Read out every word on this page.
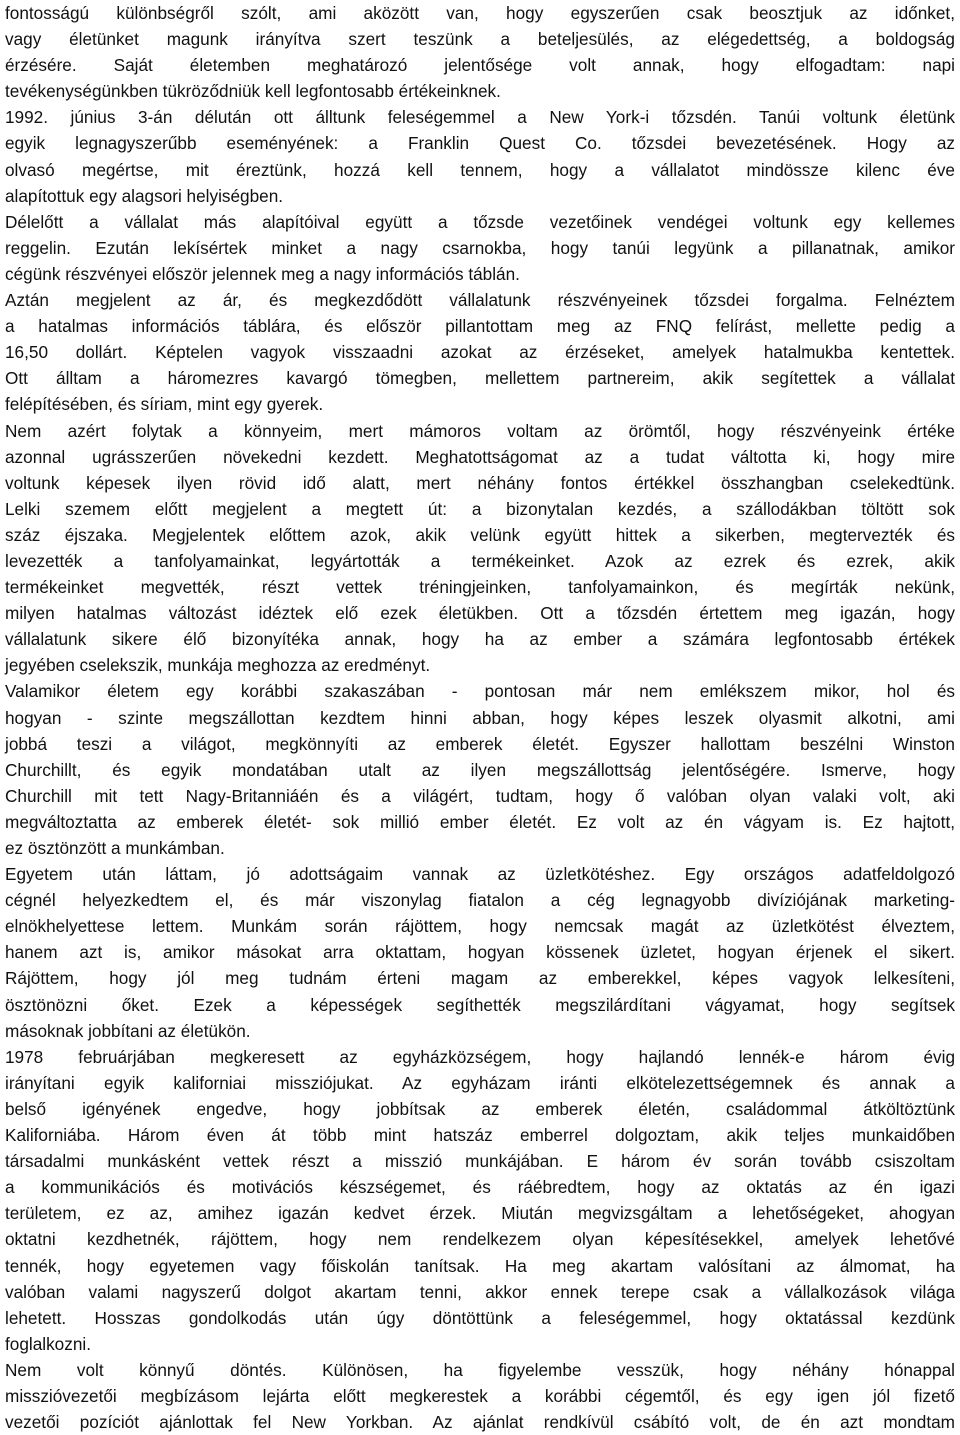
fontosságú különbségről szólt, ami aközött van, hogy egyszerűen csak beosztjuk az időnket,
vagy életünket magunk irányítva szert teszünk a beteljesülés, az elégedettség, a boldogság
érzésére. Saját életemben meghatározó jelentősége volt annak, hogy elfogadtam: napi
tevékenységünkben tükröződniük kell legfontosabb értékeinknek.
1992. június 3-án délután ott álltunk feleségemmel a New York-i tőzsdén. Tanúi voltunk életünk
egyik legnagyszerűbb eseményének: a Franklin Quest Co. tőzsdei bevezetésének. Hogy az
olvasó megértse, mit éreztünk, hozzá kell tennem, hogy a vállalatot mindössze kilenc éve
alapítottuk egy alagsori helyiségben.
Délelőtt a vállalat más alapítóival együtt a tőzsde vezetőinek vendégei voltunk egy kellemes
reggelin. Ezután lekísértek minket a nagy csarnokba, hogy tanúi legyünk a pillanatnak, amikor
cégünk részvényei először jelennek meg a nagy információs táblán.
Aztán megjelent az ár, és megkezdődött vállalatunk részvényeinek tőzsdei forgalma. Felnéztem
a hatalmas információs táblára, és először pillantottam meg az FNQ felírást, mellette pedig a
16,50 dollárt. Képtelen vagyok visszaadni azokat az érzéseket, amelyek hatalmukba kentettek.
Ott álltam a háromezres kavargó tömegben, mellettem partnereim, akik segítettek a vállalat
felépítésében, és síriam, mint egy gyerek.
Nem azért folytak a könnyeim, mert mámoros voltam az örömtől, hogy részvényeink értéke
azonnal ugrásszerűen növekedni kezdett. Meghatottságomat az a tudat váltotta ki, hogy mire
voltunk képesek ilyen rövid idő alatt, mert néhány fontos értékkel összhangban cselekedtünk.
Lelki szemem előtt megjelent a megtett út: a bizonytalan kezdés, a szállodákban töltött sok
száz éjszaka. Megjelentek előttem azok, akik velünk együtt hittek a sikerben, megtervezték és
levezették a tanfolyamainkat, legyártották a termékeinket. Azok az ezrek és ezrek, akik
termékeinket megvették, részt vettek tréningjeinken, tanfolyamainkon, és megírták nekünk,
milyen hatalmas változást idéztek elő ezek életükben. Ott a tőzsdén értettem meg igazán, hogy
vállalatunk sikere élő bizonyítéka annak, hogy ha az ember a számára legfontosabb értékek
jegyében cselekszik, munkája meghozza az eredményt.
Valamikor életem egy korábbi szakaszában - pontosan már nem emlékszem mikor, hol és
hogyan - szinte megszállottan kezdtem hinni abban, hogy képes leszek olyasmit alkotni, ami
jobbá teszi a világot, megkönnyíti az emberek életét. Egyszer hallottam beszélni Winston
Churchillt, és egyik mondatában utalt az ilyen megszállottság jelentőségére. Ismerve, hogy
Churchill mit tett Nagy-Britanniáén és a világért, tudtam, hogy ő valóban olyan valaki volt, aki
megváltoztatta az emberek életét- sok millió ember életét. Ez volt az én vágyam is. Ez hajtott,
ez ösztönzött a munkámban.
Egyetem után láttam, jó adottságaim vannak az üzletkötéshez. Egy országos adatfeldolgozó
cégnél helyezkedtem el, és már viszonylag fiatalon a cég legnagyobb divíziójának marketing-
elnökhelyettese lettem. Munkám során rájöttem, hogy nemcsak magát az üzletkötést élveztem,
hanem azt is, amikor másokat arra oktattam, hogyan kössenek üzletet, hogyan érjenek el sikert.
Rájöttem, hogy jól meg tudnám érteni magam az emberekkel, képes vagyok lelkesíteni,
ösztönözni őket. Ezek a képességek segíthették megszilárdítani vágyamat, hogy segítsek
másoknak jobbítani az életükön.
1978 februárjában megkeresett az egyházközségem, hogy hajlandó lennék-e három évig
irányítani egyik kaliforniai missziójukat. Az egyházam iránti elkötelezettségemnek és annak a
belső igényének engedve, hogy jobbítsak az emberek életén, családommal átköltöztünk
Kaliforniába. Három éven át több mint hatszáz emberrel dolgoztam, akik teljes munkaidőben
társadalmi munkásként vettek részt a misszió munkájában. E három év során tovább csiszoltam
a kommunikációs és motivációs készségemet, és ráébredtem, hogy az oktatás az én igazi
területem, ez az, amihez igazán kedvet érzek. Miután megvizsgáltam a lehetőségeket, ahogyan
oktatni kezdhetnék, rájöttem, hogy nem rendelkezem olyan képesítésekkel, amelyek lehetővé
tennék, hogy egyetemen vagy főiskolán tanítsak. Ha meg akartam valósítani az álmomat, ha
valóban valami nagyszerű dolgot akartam tenni, akkor ennek terepe csak a vállalkozások világa
lehetett. Hosszas gondolkodás után úgy döntöttünk a feleségemmel, hogy oktatással kezdünk
foglalkozni.
Nem volt könnyű döntés. Különösen, ha figyelembe vesszük, hogy néhány hónappal
misszióvezetői megbízásom lejárta előtt megkerestek a korábbi cégemtől, és egy igen jól fizető
vezetői pozíciót ajánlottak fel New Yorkban. Az ajánlat rendkívül csábító volt, de én azt mondtam
